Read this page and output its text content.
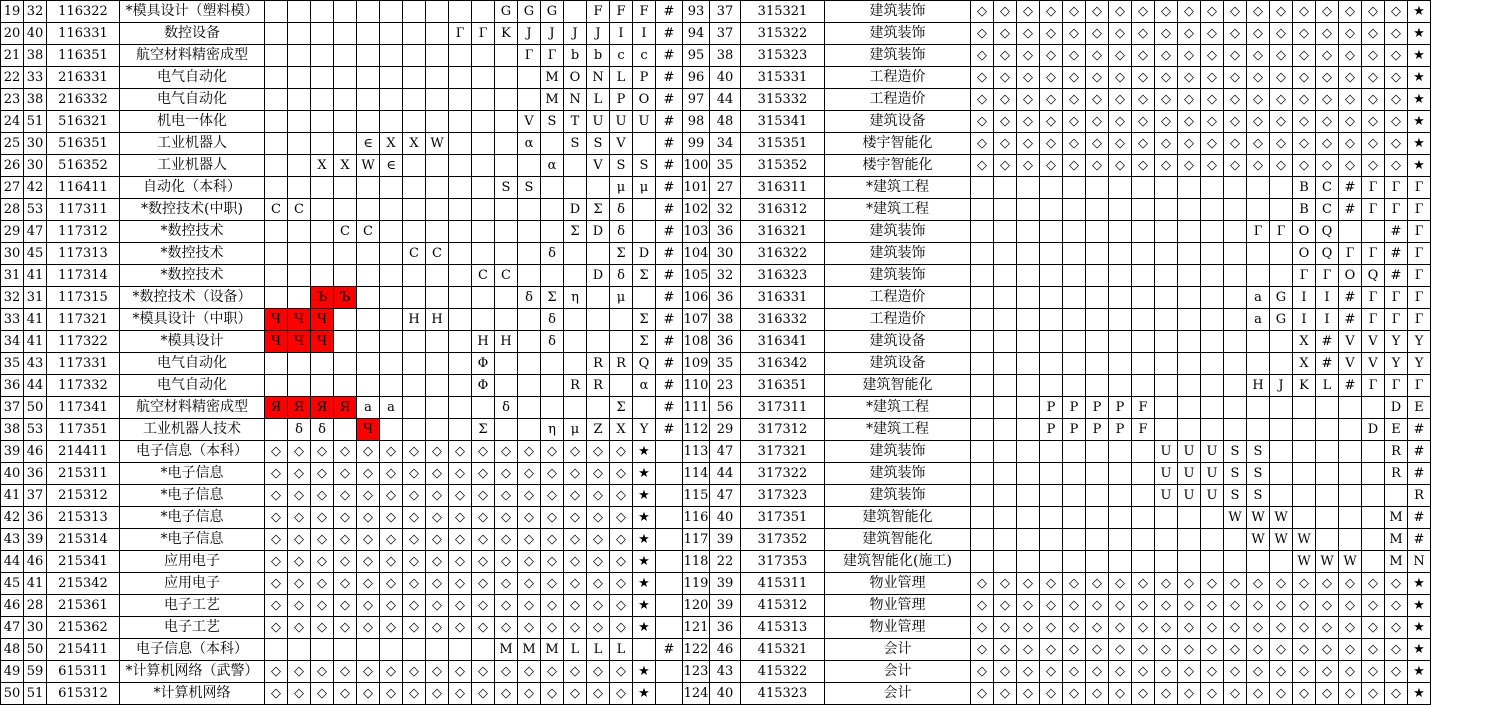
19	32	116322	*模具设计（塑料模）											G	G	G		F	F	F	#	93	37	315321	建筑装饰	◇	◇	◇	◇	◇	◇	◇	◇	◇	◇	◇	◇	◇	◇	◇	◇	◇	◇	◇	★
20	40	116331	数控设备									Г	Г	K	J	J	J	J	I	I	#	94	37	315322	建筑装饰	◇	◇	◇	◇	◇	◇	◇	◇	◇	◇	◇	◇	◇	◇	◇	◇	◇	◇	◇	★
21	38	116351	航空材料精密成型												Г	Г	b	b	c	c	#	95	38	315323	建筑装饰	◇	◇	◇	◇	◇	◇	◇	◇	◇	◇	◇	◇	◇	◇	◇	◇	◇	◇	◇	★
22	33	216331	电气自动化													M	O	N	L	P	#	96	40	315331	工程造价	◇	◇	◇	◇	◇	◇	◇	◇	◇	◇	◇	◇	◇	◇	◇	◇	◇	◇	◇	★
23	38	216332	电气自动化													M	N	L	P	O	#	97	44	315332	工程造价	◇	◇	◇	◇	◇	◇	◇	◇	◇	◇	◇	◇	◇	◇	◇	◇	◇	◇	◇	★
24	51	516321	机电一体化												V	S	T	U	U	U	#	98	48	315341	建筑设备	◇	◇	◇	◇	◇	◇	◇	◇	◇	◇	◇	◇	◇	◇	◇	◇	◇	◇	◇	★
25	30	516351	工业机器人					∈	X	X	W				α		S	S	V		#	99	34	315351	楼宇智能化	◇	◇	◇	◇	◇	◇	◇	◇	◇	◇	◇	◇	◇	◇	◇	◇	◇	◇	◇	★
26	30	516352	工业机器人			X	X	W	∈							α		V	S	S	#	100	35	315352	楼宇智能化	◇	◇	◇	◇	◇	◇	◇	◇	◇	◇	◇	◇	◇	◇	◇	◇	◇	◇	◇	★
27	42	116411	自动化（本科）											S	S				μ	μ	#	101	27	316311	*建筑工程															B	C	#	Г	Г	Г
28	53	117311	*数控技术(中职)	C	C												D	Σ	δ		#	102	32	316312	*建筑工程															B	C	#	Г	Г	Г
29	47	117312	*数控技术				C	C									Σ	D	δ		#	103	36	316321	建筑装饰													Г	Г	O	Q			#	Г
30	45	117313	*数控技术							C	C					δ			Σ	D	#	104	30	316322	建筑装饰															O	Q	Г	Г	#	Г
31	41	117314	*数控技术										C	C				D	δ	Σ	#	105	32	316323	建筑装饰															Г	Г	O	Q	#	Г
32	31	117315	*数控技术（设备）			Ъ	Ъ								δ	Σ	η		μ		#	106	36	316331	工程造价													a	G	I	I	#	Г	Г	Г
33	41	117321	*模具设计（中职）	Ч	Ч	Ч				H	H					δ				Σ	#	107	38	316332	工程造价													a	G	I	I	#	Г	Г	Г
34	41	117322	*模具设计	Ч	Ч	Ч							H	H		δ				Σ	#	108	36	316341	建筑设备															X	#	V	V	Y	Y
35	43	117331	电气自动化										Φ					R	R	Q	#	109	35	316342	建筑设备															X	#	V	V	Y	Y
36	44	117332	电气自动化										Φ				R	R		α	#	110	23	316351	建筑智能化													H	J	K	L	#	Г	Г	Г
37	50	117341	航空材料精密成型	Я	Я	Я	Я	a	a					δ					Σ		#	111	56	317311	*建筑工程				P	P	P	P	F											D	E
38	53	117351	工业机器人技术		δ	δ		Ч					Σ			η	μ	Z	X	Y	#	112	29	317312	*建筑工程				P	P	P	P	F										D	E	#
39	46	214411	电子信息（本科）	◇	◇	◇	◇	◇	◇	◇	◇	◇	◇	◇	◇	◇	◇	◇	◇	★		113	47	317321	建筑装饰									U	U	U	S	S						R	#
40	36	215311	*电子信息	◇	◇	◇	◇	◇	◇	◇	◇	◇	◇	◇	◇	◇	◇	◇	◇	★		114	44	317322	建筑装饰									U	U	U	S	S						R	#
41	37	215312	*电子信息	◇	◇	◇	◇	◇	◇	◇	◇	◇	◇	◇	◇	◇	◇	◇	◇	★		115	47	317323	建筑装饰									U	U	U	S	S							R
42	36	215313	*电子信息	◇	◇	◇	◇	◇	◇	◇	◇	◇	◇	◇	◇	◇	◇	◇	◇	★		116	40	317351	建筑智能化												W	W	W					M	#
43	39	215314	*电子信息	◇	◇	◇	◇	◇	◇	◇	◇	◇	◇	◇	◇	◇	◇	◇	◇	★		117	39	317352	建筑智能化													W	W	W				M	#
44	46	215341	应用电子	◇	◇	◇	◇	◇	◇	◇	◇	◇	◇	◇	◇	◇	◇	◇	◇	★		118	22	317353	建筑智能化(施工)															W	W	W		M	N
45	41	215342	应用电子	◇	◇	◇	◇	◇	◇	◇	◇	◇	◇	◇	◇	◇	◇	◇	◇	★		119	39	415311	物业管理	◇	◇	◇	◇	◇	◇	◇	◇	◇	◇	◇	◇	◇	◇	◇	◇	◇	◇	◇	★
46	28	215361	电子工艺	◇	◇	◇	◇	◇	◇	◇	◇	◇	◇	◇	◇	◇	◇	◇	◇	★		120	39	415312	物业管理	◇	◇	◇	◇	◇	◇	◇	◇	◇	◇	◇	◇	◇	◇	◇	◇	◇	◇	◇	★
47	30	215362	电子工艺	◇	◇	◇	◇	◇	◇	◇	◇	◇	◇	◇	◇	◇	◇	◇	◇	★		121	36	415313	物业管理	◇	◇	◇	◇	◇	◇	◇	◇	◇	◇	◇	◇	◇	◇	◇	◇	◇	◇	◇	★
48	50	215411	电子信息（本科）											M	M	M	L	L	L		#	122	46	415321	会计	◇	◇	◇	◇	◇	◇	◇	◇	◇	◇	◇	◇	◇	◇	◇	◇	◇	◇	◇	★
49	59	615311	*计算机网络（武警）	◇	◇	◇	◇	◇	◇	◇	◇	◇	◇	◇	◇	◇	◇	◇	◇	★		123	43	415322	会计	◇	◇	◇	◇	◇	◇	◇	◇	◇	◇	◇	◇	◇	◇	◇	◇	◇	◇	◇	★
50	51	615312	*计算机网络	◇	◇	◇	◇	◇	◇	◇	◇	◇	◇	◇	◇	◇	◇	◇	◇	★		124	40	415323	会计	◇	◇	◇	◇	◇	◇	◇	◇	◇	◇	◇	◇	◇	◇	◇	◇	◇	◇	◇	★
